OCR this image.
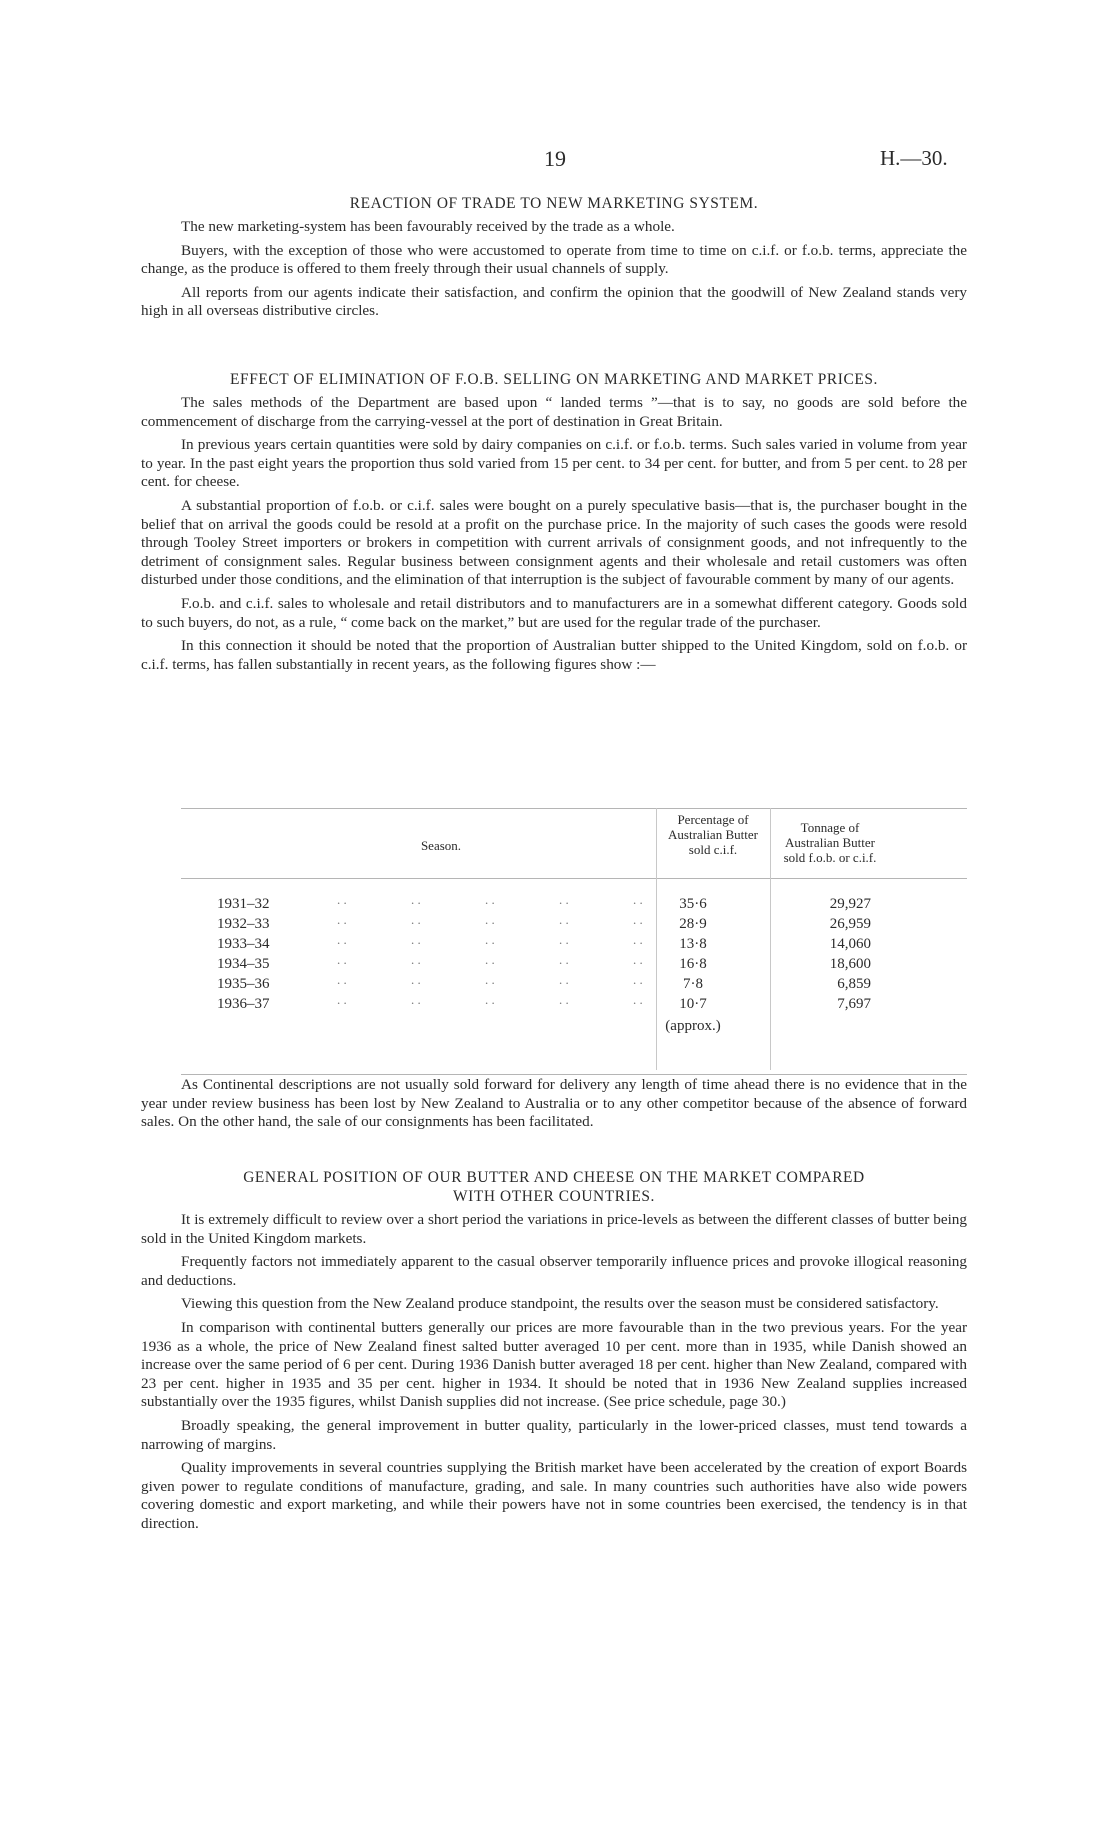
19	H.—30.

REACTION OF TRADE TO NEW MARKETING SYSTEM.

The new marketing-system has been favourably received by the trade as a whole.

Buyers, with the exception of those who were accustomed to operate from time to time on c.i.f. or f.o.b. terms, appreciate the change, as the produce is offered to them freely through their usual channels of supply.

All reports from our agents indicate their satisfaction, and confirm the opinion that the goodwill of New Zealand stands very high in all overseas distributive circles.

EFFECT OF ELIMINATION OF F.O.B. SELLING ON MARKETING AND MARKET PRICES.

The sales methods of the Department are based upon “ landed terms ”—that is to say, no goods are sold before the commencement of discharge from the carrying-vessel at the port of destination in Great Britain.

In previous years certain quantities were sold by dairy companies on c.i.f. or f.o.b. terms. Such sales varied in volume from year to year. In the past eight years the proportion thus sold varied from 15 per cent. to 34 per cent. for butter, and from 5 per cent. to 28 per cent. for cheese.

A substantial proportion of f.o.b. or c.i.f. sales were bought on a purely speculative basis—that is, the purchaser bought in the belief that on arrival the goods could be resold at a profit on the purchase price. In the majority of such cases the goods were resold through Tooley Street importers or brokers in competition with current arrivals of consignment goods, and not infrequently to the detriment of consignment sales. Regular business between consignment agents and their wholesale and retail customers was often disturbed under those conditions, and the elimination of that interruption is the subject of favourable comment by many of our agents.

F.o.b. and c.i.f. sales to wholesale and retail distributors and to manufacturers are in a somewhat different category. Goods sold to such buyers, do not, as a rule, “ come back on the market,” but are used for the regular trade of the purchaser.

In this connection it should be noted that the proportion of Australian butter shipped to the United Kingdom, sold on f.o.b. or c.i.f. terms, has fallen substantially in recent years, as the following figures show :—

Season.
Percentage of Australian Butter sold c.i.f.
Tonnage of Australian Butter sold f.o.b. or c.i.f.
1931–32	. .	. .	. .	. .	. .	35·6	29,927
1932–33	. .	. .	. .	. .	. .	28·9	26,959
1933–34	. .	. .	. .	. .	. .	13·8	14,060
1934–35	. .	. .	. .	. .	. .	16·8	18,600
1935–36	. .	. .	. .	. .	. .	7·8	6,859
1936–37	. .	. .	. .	. .	. .	10·7	7,697
(approx.)

As Continental descriptions are not usually sold forward for delivery any length of time ahead there is no evidence that in the year under review business has been lost by New Zealand to Australia or to any other competitor because of the absence of forward sales. On the other hand, the sale of our consignments has been facilitated.

GENERAL POSITION OF OUR BUTTER AND CHEESE ON THE MARKET COMPARED

WITH OTHER COUNTRIES.

It is extremely difficult to review over a short period the variations in price-levels as between the different classes of butter being sold in the United Kingdom markets.

Frequently factors not immediately apparent to the casual observer temporarily influence prices and provoke illogical reasoning and deductions.

Viewing this question from the New Zealand produce standpoint, the results over the season must be considered satisfactory.

In comparison with continental butters generally our prices are more favourable than in the two previous years. For the year 1936 as a whole, the price of New Zealand finest salted butter averaged 10 per cent. more than in 1935, while Danish showed an increase over the same period of 6 per cent. During 1936 Danish butter averaged 18 per cent. higher than New Zealand, compared with 23 per cent. higher in 1935 and 35 per cent. higher in 1934. It should be noted that in 1936 New Zealand supplies increased substantially over the 1935 figures, whilst Danish supplies did not increase. (See price schedule, page 30.)

Broadly speaking, the general improvement in butter quality, particularly in the lower-priced classes, must tend towards a narrowing of margins.

Quality improvements in several countries supplying the British market have been accelerated by the creation of export Boards given power to regulate conditions of manufacture, grading, and sale. In many countries such authorities have also wide powers covering domestic and export marketing, and while their powers have not in some countries been exercised, the tendency is in that direction.
